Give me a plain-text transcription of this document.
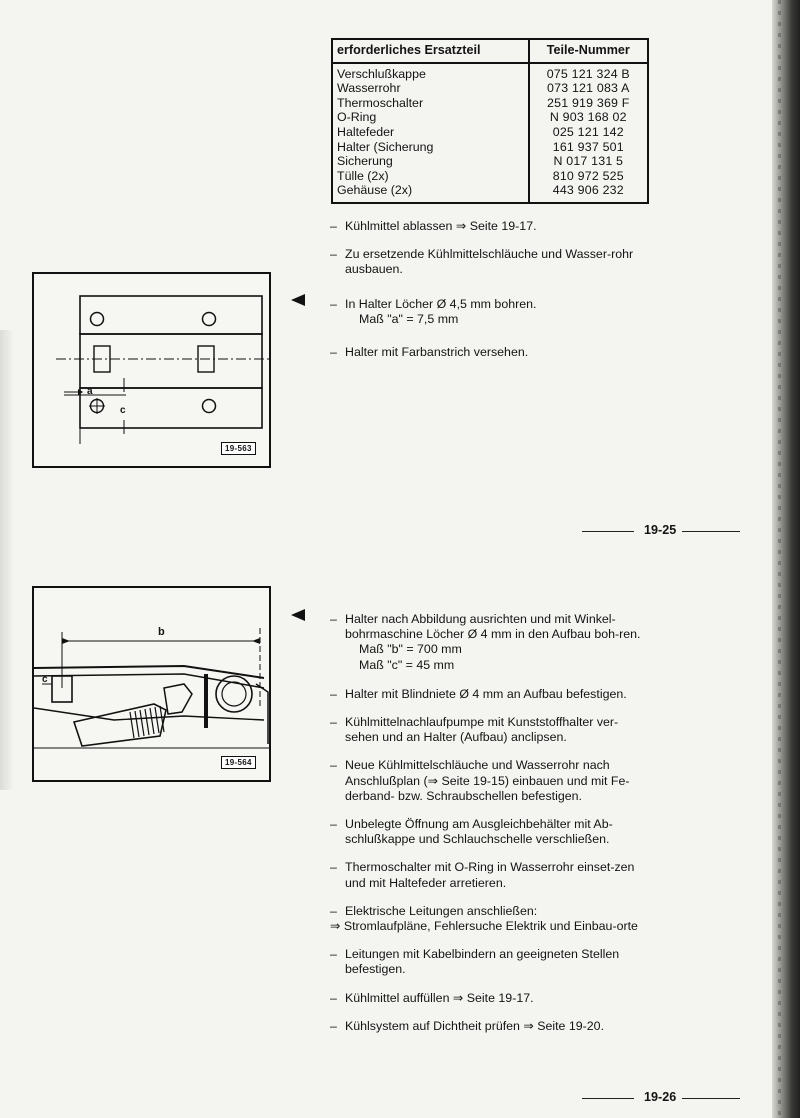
erforderliches Ersatzteil	Teile-Nummer
Verschlußkappe	075 121 324 B
Wasserrohr	073 121 083 A
Thermoschalter	251 919 369 F
O-Ring	N 903 168 02
Haltefeder	025 121 142
Halter (Sicherung	161 937 501
Sicherung	N 017 131 5
Tülle (2x)	810 972 525
Gehäuse (2x)	443 906 232
– Kühlmittel ablassen ⇒ Seite 19-17.
– Zu ersetzende Kühlmittelschläuche und Wasser-rohr ausbauen.
– In Halter Löcher Ø 4,5 mm bohren.
Maß "a" = 7,5 mm
– Halter mit Farbanstrich versehen.
a
c
19-563
19-25
b
c
19-564
– Halter nach Abbildung ausrichten und mit Winkel-bohrmaschine Löcher Ø 4 mm in den Aufbau boh-ren.
Maß "b" = 700 mm
Maß "c" = 45 mm
– Halter mit Blindniete Ø 4 mm an Aufbau befestigen.
– Kühlmittelnachlaufpumpe mit Kunststoffhalter ver-sehen und an Halter (Aufbau) anclipsen.
– Neue Kühlmittelschläuche und Wasserrohr nach Anschlußplan (⇒ Seite 19-15) einbauen und mit Fe-derband- bzw. Schraubschellen befestigen.
– Unbelegte Öffnung am Ausgleichbehälter mit Ab-schlußkappe und Schlauchschelle verschließen.
– Thermoschalter mit O-Ring in Wasserrohr einset-zen und mit Haltefeder arretieren.
– Elektrische Leitungen anschließen:
⇒ Stromlaufpläne, Fehlersuche Elektrik und Einbau-orte
– Leitungen mit Kabelbindern an geeigneten Stellen befestigen.
– Kühlmittel auffüllen ⇒ Seite 19-17.
– Kühlsystem auf Dichtheit prüfen ⇒ Seite 19-20.
19-26
